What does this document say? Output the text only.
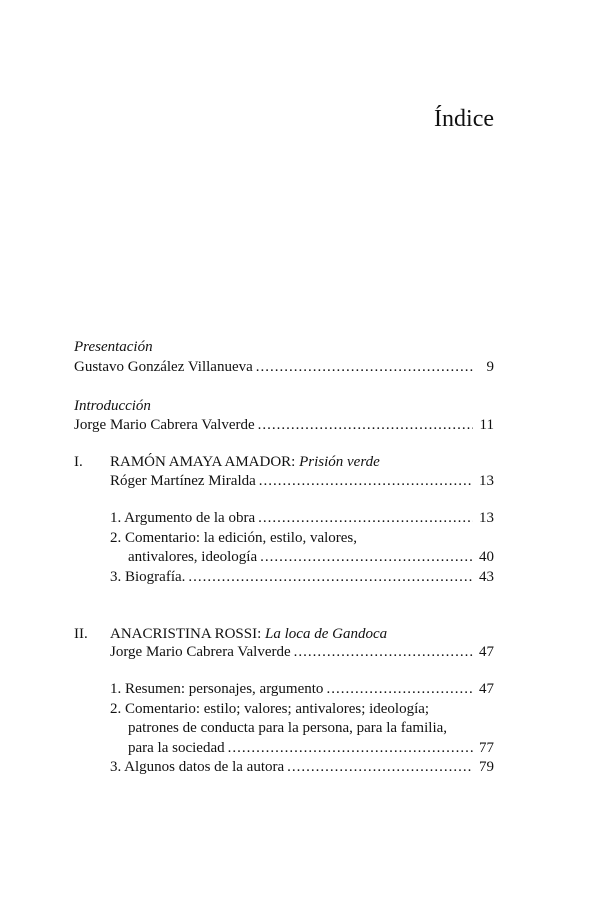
Índice
Presentación
Gustavo González Villanueva .....	9
Introducción
Jorge Mario Cabrera Valverde .....	11
I. RAMÓN AMAYA AMADOR: Prisión verde
Róger Martínez Miralda .....	13
1. Argumento de la obra .....	13
2. Comentario: la edición, estilo, valores,
antivalores, ideología .....	40
3. Biografía. .....	43
II. ANACRISTINA ROSSI: La loca de Gandoca
Jorge Mario Cabrera Valverde .....	47
1. Resumen: personajes, argumento .....	47
2. Comentario: estilo; valores; antivalores; ideología;
patrones de conducta para la persona, para la familia,
para la sociedad .....	77
3. Algunos datos de la autora .....	79
